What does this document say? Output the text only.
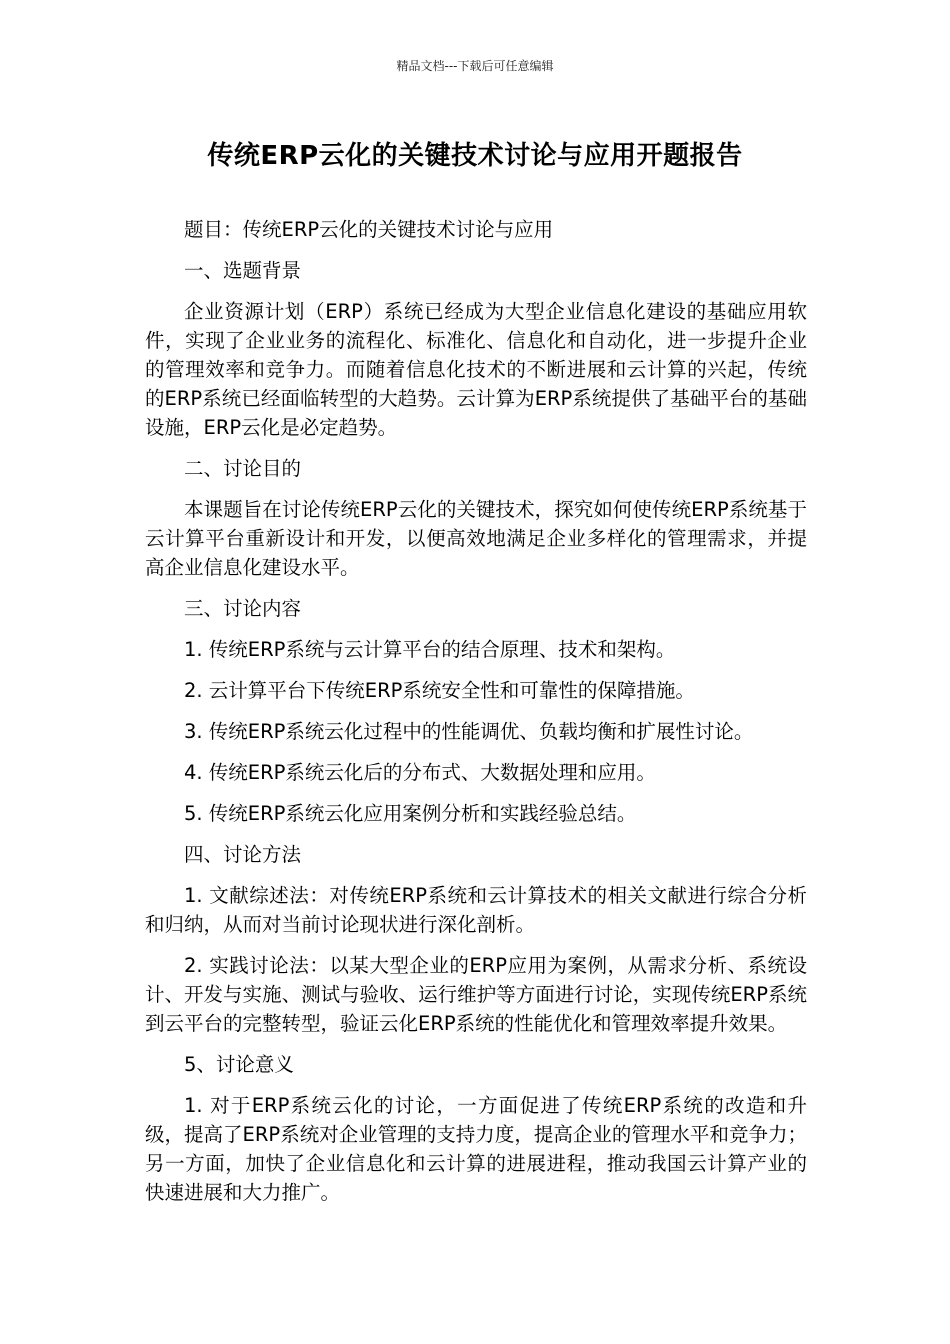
精品文档---下载后可任意编辑
传统ERP云化的关键技术讨论与应用开题报告

题目：传统ERP云化的关键技术讨论与应用

一、选题背景

企业资源计划（ERP）系统已经成为大型企业信息化建设的基础应用软件，实现了企业业务的流程化、标准化、信息化和自动化，进一步提升企业的管理效率和竞争力。而随着信息化技术的不断进展和云计算的兴起，传统的ERP系统已经面临转型的大趋势。云计算为ERP系统提供了基础平台的基础设施，ERP云化是必定趋势。

二、讨论目的

本课题旨在讨论传统ERP云化的关键技术，探究如何使传统ERP系统基于云计算平台重新设计和开发，以便高效地满足企业多样化的管理需求，并提高企业信息化建设水平。

三、讨论内容

1. 传统ERP系统与云计算平台的结合原理、技术和架构。

2. 云计算平台下传统ERP系统安全性和可靠性的保障措施。

3. 传统ERP系统云化过程中的性能调优、负载均衡和扩展性讨论。

4. 传统ERP系统云化后的分布式、大数据处理和应用。

5. 传统ERP系统云化应用案例分析和实践经验总结。

四、讨论方法

1. 文献综述法：对传统ERP系统和云计算技术的相关文献进行综合分析和归纳，从而对当前讨论现状进行深化剖析。

2. 实践讨论法：以某大型企业的ERP应用为案例，从需求分析、系统设计、开发与实施、测试与验收、运行维护等方面进行讨论，实现传统ERP系统到云平台的完整转型，验证云化ERP系统的性能优化和管理效率提升效果。

5、讨论意义

1. 对于ERP系统云化的讨论，一方面促进了传统ERP系统的改造和升级，提高了ERP系统对企业管理的支持力度，提高企业的管理水平和竞争力；另一方面，加快了企业信息化和云计算的进展进程，推动我国云计算产业的快速进展和大力推广。
